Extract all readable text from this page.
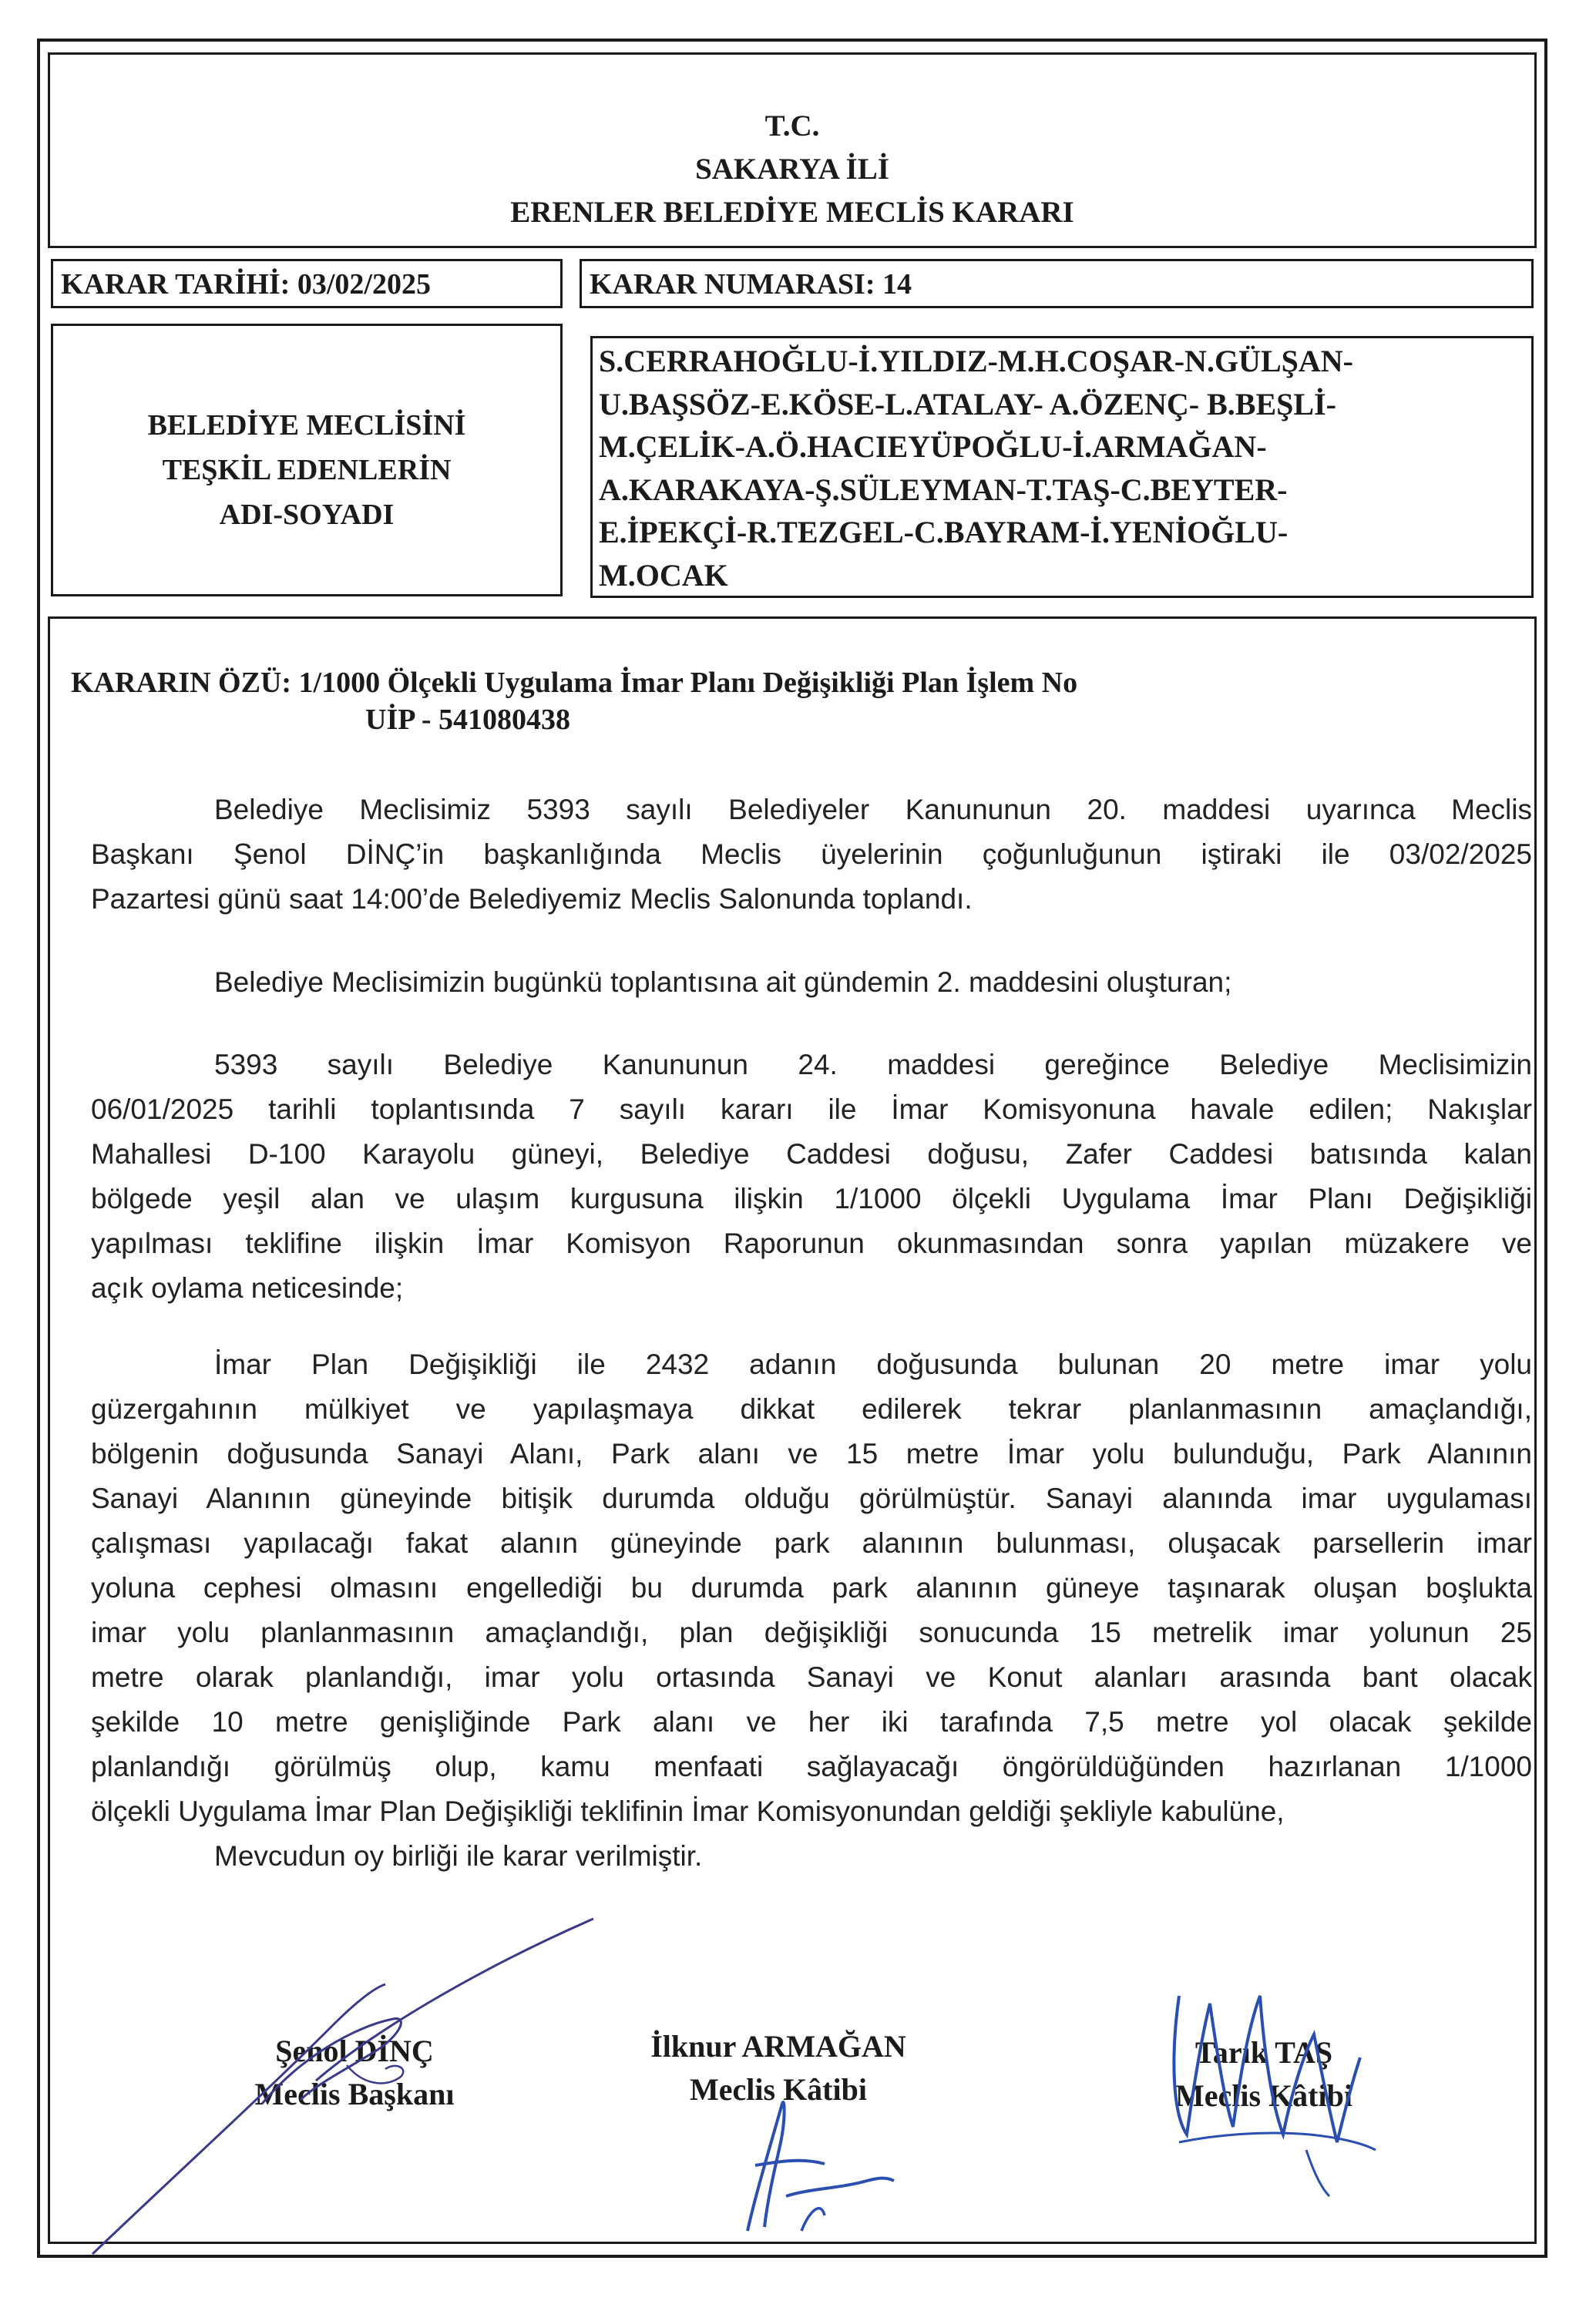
T.C.
SAKARYA İLİ
ERENLER BELEDİYE MECLİS KARARI
KARAR TARİHİ: 03/02/2025	KARAR NUMARASI: 14
BELEDİYE MECLİSİNİ
TEŞKİL EDENLERİN
ADI-SOYADI
S.CERRAHOĞLU-İ.YILDIZ-M.H.COŞAR-N.GÜLŞAN-
U.BAŞSÖZ-E.KÖSE-L.ATALAY- A.ÖZENÇ- B.BEŞLİ-
M.ÇELİK-A.Ö.HACIEYÜPOĞLU-İ.ARMAĞAN-
A.KARAKAYA-Ş.SÜLEYMAN-T.TAŞ-C.BEYTER-
E.İPEKÇİ-R.TEZGEL-C.BAYRAM-İ.YENİOĞLU-
M.OCAK
KARARIN ÖZÜ: 1/1000 Ölçekli Uygulama İmar Planı Değişikliği Plan İşlem No
UİP - 541080438
Belediye Meclisimiz 5393 sayılı Belediyeler Kanununun 20. maddesi uyarınca Meclis
Başkanı Şenol DİNÇ’in başkanlığında Meclis üyelerinin çoğunluğunun iştiraki ile 03/02/2025
Pazartesi günü saat 14:00’de Belediyemiz Meclis Salonunda toplandı.
Belediye Meclisimizin bugünkü toplantısına ait gündemin 2. maddesini oluşturan;
5393 sayılı Belediye Kanununun 24. maddesi gereğince Belediye Meclisimizin
06/01/2025 tarihli toplantısında 7 sayılı kararı ile İmar Komisyonuna havale edilen; Nakışlar
Mahallesi D-100 Karayolu güneyi, Belediye Caddesi doğusu, Zafer Caddesi batısında kalan
bölgede yeşil alan ve ulaşım kurgusuna ilişkin 1/1000 ölçekli Uygulama İmar Planı Değişikliği
yapılması teklifine ilişkin İmar Komisyon Raporunun okunmasından sonra yapılan müzakere ve
açık oylama neticesinde;
İmar Plan Değişikliği ile 2432 adanın doğusunda bulunan 20 metre imar yolu
güzergahının mülkiyet ve yapılaşmaya dikkat edilerek tekrar planlanmasının amaçlandığı,
bölgenin doğusunda Sanayi Alanı, Park alanı ve 15 metre İmar yolu bulunduğu, Park Alanının
Sanayi Alanının güneyinde bitişik durumda olduğu görülmüştür. Sanayi alanında imar uygulaması
çalışması yapılacağı fakat alanın güneyinde park alanının bulunması, oluşacak parsellerin imar
yoluna cephesi olmasını engellediği bu durumda park alanının güneye taşınarak oluşan boşlukta
imar yolu planlanmasının amaçlandığı, plan değişikliği sonucunda 15 metrelik imar yolunun 25
metre olarak planlandığı, imar yolu ortasında Sanayi ve Konut alanları arasında bant olacak
şekilde 10 metre genişliğinde Park alanı ve her iki tarafında 7,5 metre yol olacak şekilde
planlandığı görülmüş olup, kamu menfaati sağlayacağı öngörüldüğünden hazırlanan 1/1000
ölçekli Uygulama İmar Plan Değişikliği teklifinin İmar Komisyonundan geldiği şekliyle kabulüne,
Mevcudun oy birliği ile karar verilmiştir.
Şenol DİNÇ
Meclis Başkanı
İlknur ARMAĞAN
Meclis Kâtibi
Tarık TAŞ
Meclis Kâtibi
